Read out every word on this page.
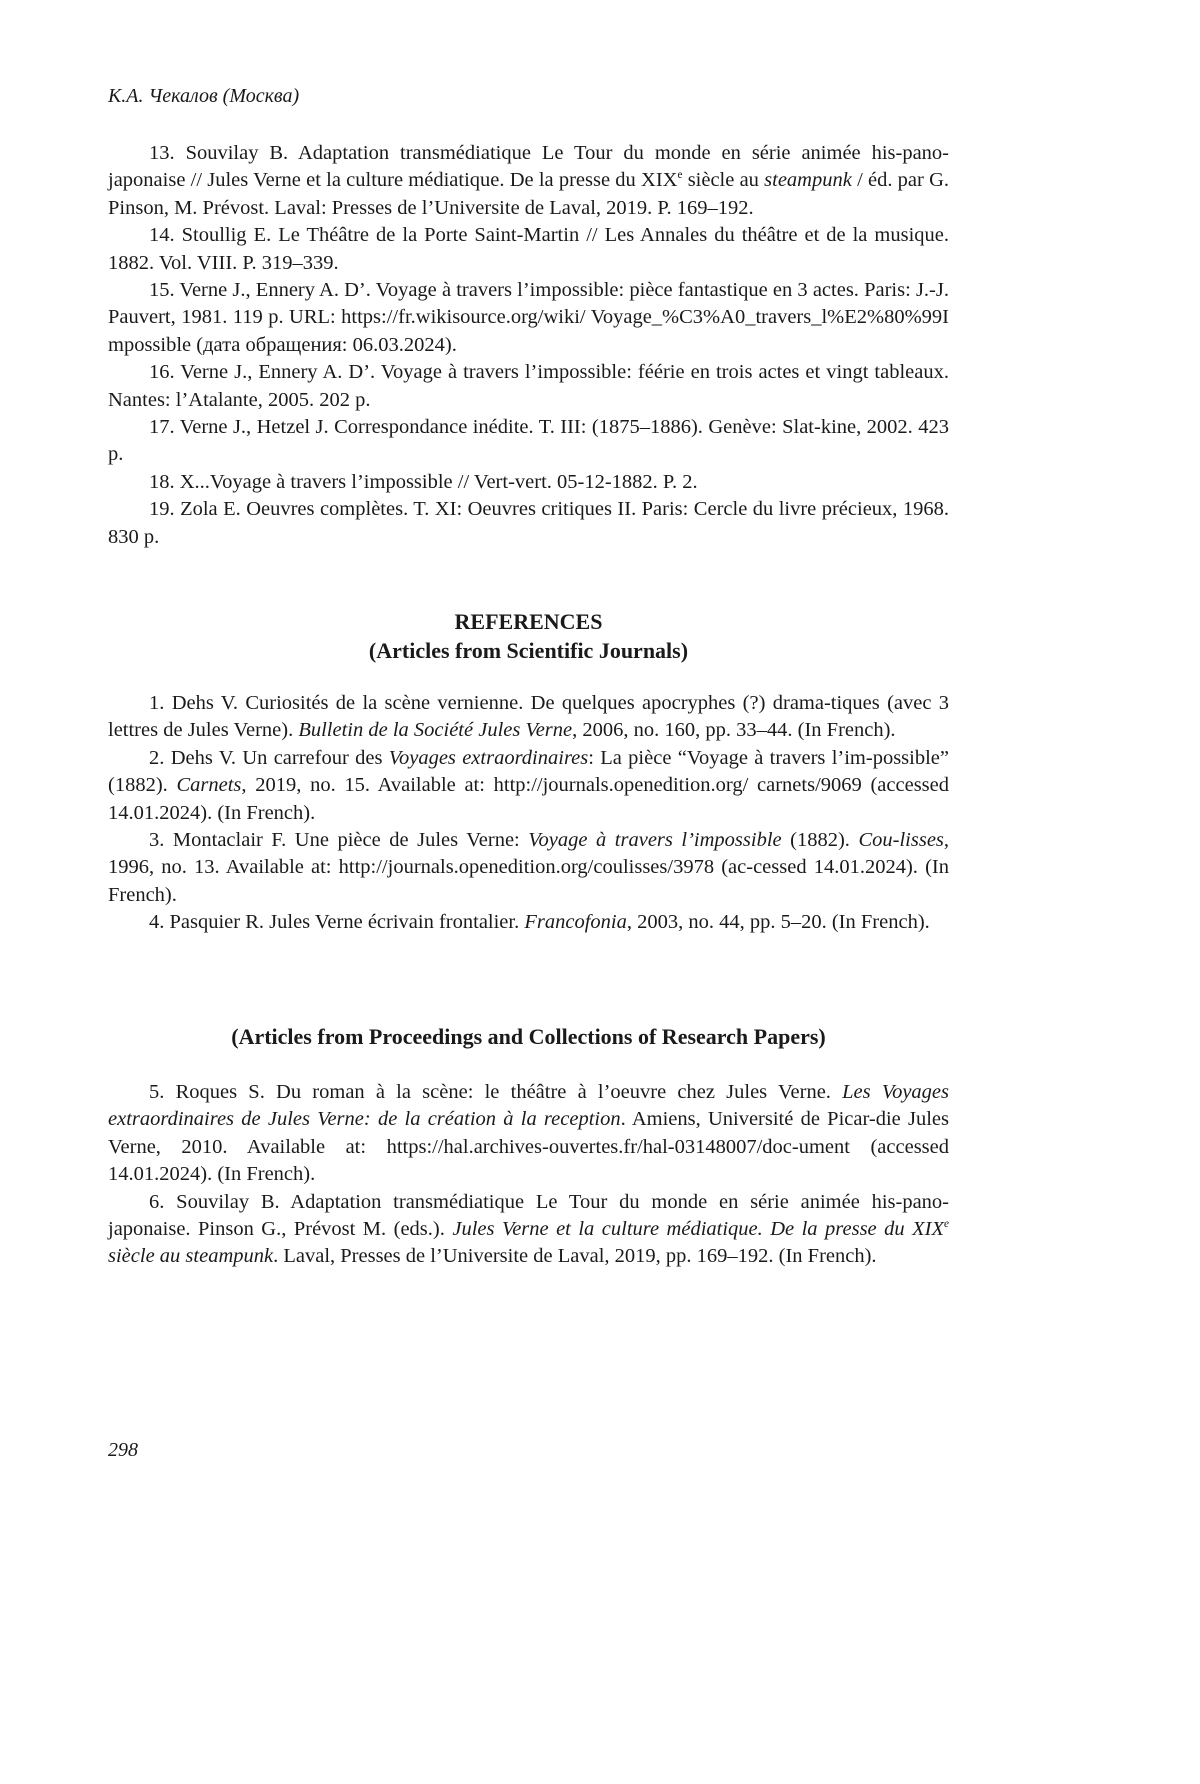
К.А. Чекалов (Москва)

13. Souvilay B. Adaptation transmédiatique Le Tour du monde en série animée his-pano-japonaise // Jules Verne et la culture médiatique. De la presse du XIXe siècle au steampunk / éd. par G. Pinson, M. Prévost. Laval: Presses de l’Universite de Laval, 2019. P. 169–192.

14. Stoullig E. Le Théâtre de la Porte Saint-Martin // Les Annales du théâtre et de la musique. 1882. Vol. VIII. P. 319–339.

15. Verne J., Ennery A. D’. Voyage à travers l’impossible: pièce fantastique en 3 actes. Paris: J.-J. Pauvert, 1981. 119 p. URL: https://fr.wikisource.org/wiki/ Voyage_%C3%A0_travers_l%E2%80%99Impossible (дата обращения: 06.03.2024).

16. Verne J., Ennery A. D’. Voyage à travers l’impossible: féérie en trois actes et vingt tableaux. Nantes: l’Atalante, 2005. 202 p.

17. Verne J., Hetzel J. Correspondance inédite. T. III: (1875–1886). Genève: Slat-kine, 2002. 423 p.

18. X...Voyage à travers l’impossible // Vert-vert. 05-12-1882. P. 2.

19. Zola E. Oeuvres complètes. T. XI: Oeuvres critiques II. Paris: Cercle du livre précieux, 1968. 830 p.

REFERENCES

(Articles from Scientific Journals)

1. Dehs V. Curiosités de la scène vernienne. De quelques apocryphes (?) drama-tiques (avec 3 lettres de Jules Verne). Bulletin de la Société Jules Verne, 2006, no. 160, pp. 33–44. (In French).

2. Dehs V. Un carrefour des Voyages extraordinaires: La pièce “Voyage à travers l’im-possible” (1882). Carnets, 2019, no. 15. Available at: http://journals.openedition.org/ carnets/9069 (accessed 14.01.2024). (In French).

3. Montaclair F. Une pièce de Jules Verne: Voyage à travers l’impossible (1882). Cou-lisses, 1996, no. 13. Available at: http://journals.openedition.org/coulisses/3978 (ac-cessed 14.01.2024). (In French).

4. Pasquier R. Jules Verne écrivain frontalier. Francofonia, 2003, no. 44, pp. 5–20. (In French).

(Articles from Proceedings and Collections of Research Papers)

5. Roques S. Du roman à la scène: le théâtre à l’oeuvre chez Jules Verne. Les Voyages extraordinaires de Jules Verne: de la création à la reception. Amiens, Université de Picar-die Jules Verne, 2010. Available at: https://hal.archives-ouvertes.fr/hal-03148007/doc-ument (accessed 14.01.2024). (In French).

6. Souvilay B. Adaptation transmédiatique Le Tour du monde en série animée his-pano-japonaise. Pinson G., Prévost M. (eds.). Jules Verne et la culture médiatique. De la presse du XIXe siècle au steampunk. Laval, Presses de l’Universite de Laval, 2019, pp. 169–192. (In French).

298
